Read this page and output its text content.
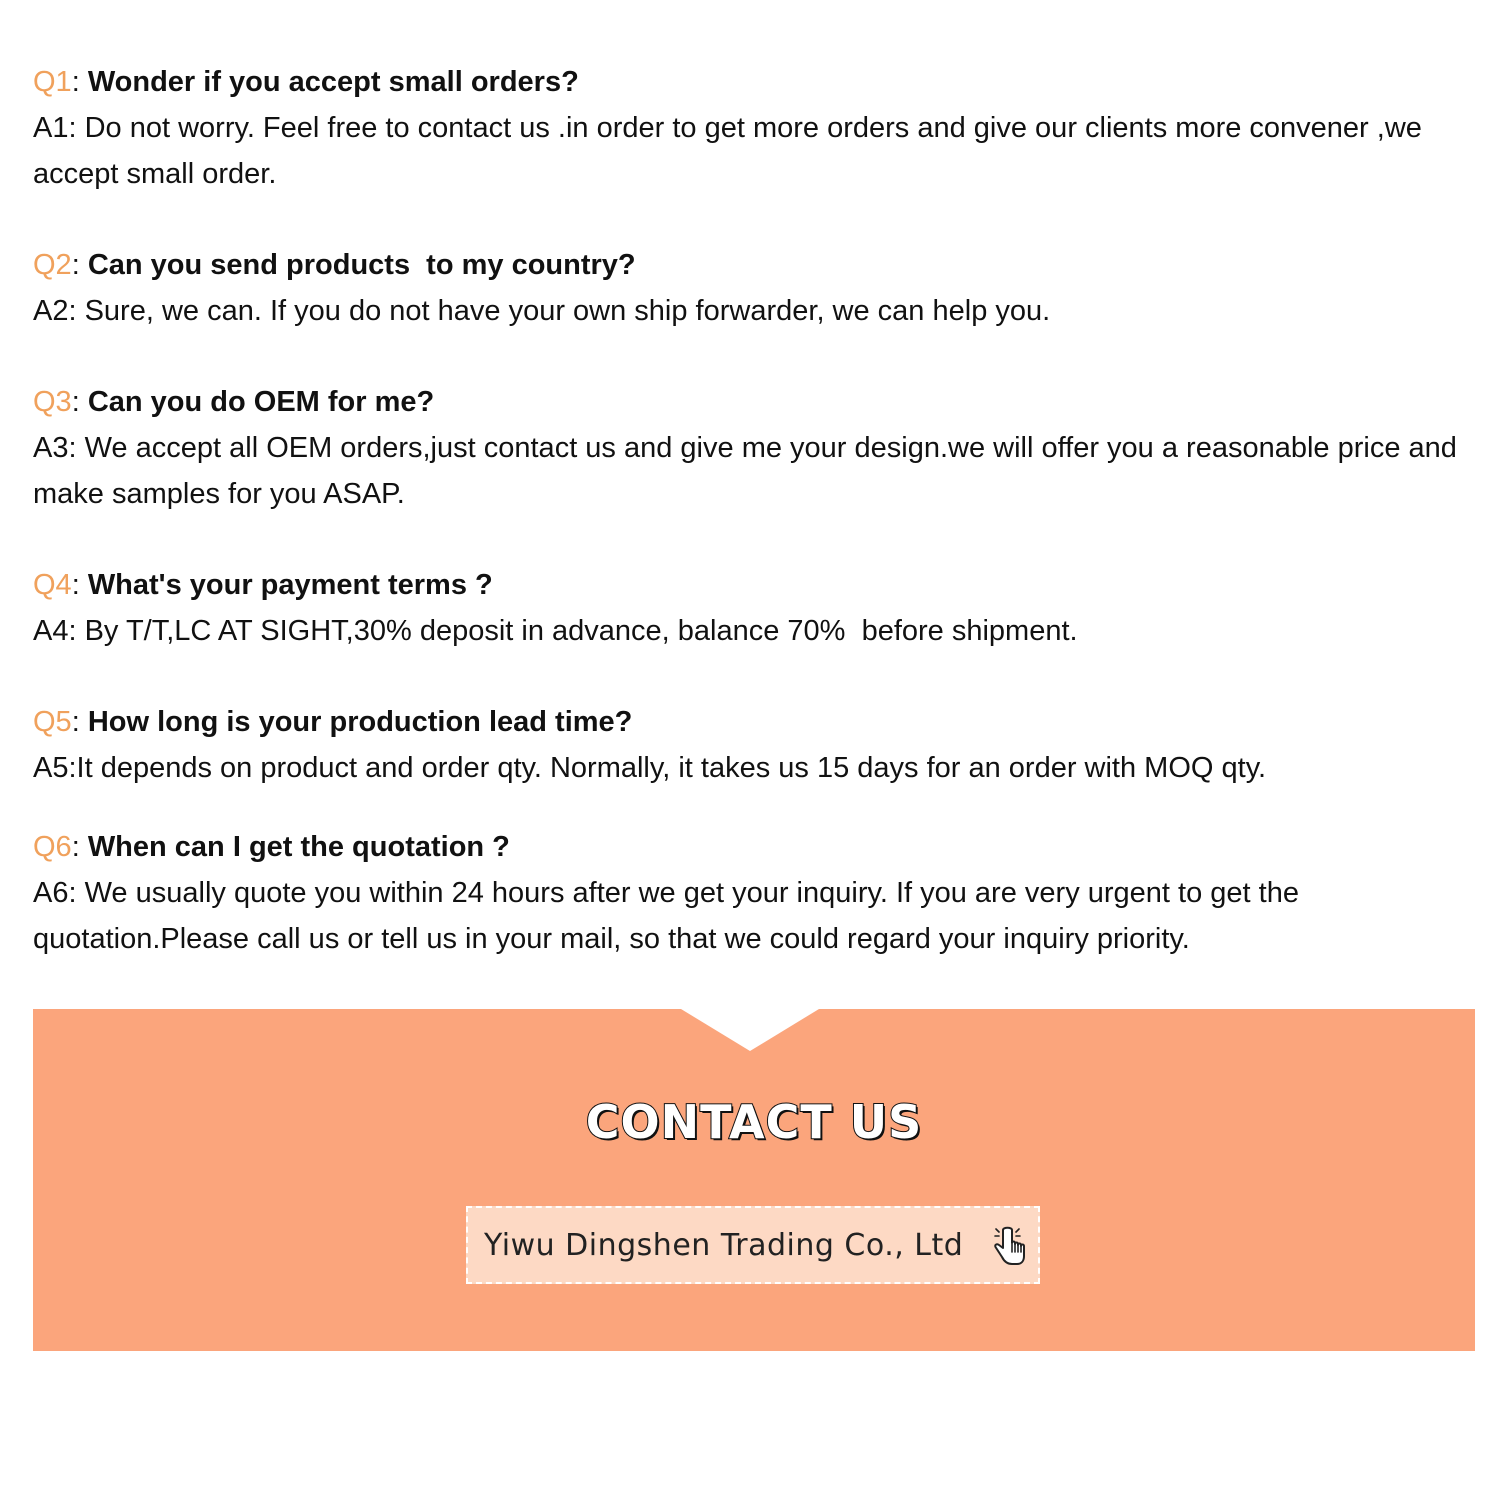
Q1: Wonder if you accept small orders?
A1: Do not worry. Feel free to contact us .in order to get more orders and give our clients more convener ,we accept small order.
Q2: Can you send products  to my country?
A2: Sure, we can. If you do not have your own ship forwarder, we can help you.
Q3: Can you do OEM for me?
A3: We accept all OEM orders,just contact us and give me your design.we will offer you a reasonable price and make samples for you ASAP.
Q4: What's your payment terms ?
A4: By T/T,LC AT SIGHT,30% deposit in advance, balance 70%  before shipment.
Q5: How long is your production lead time?
A5:It depends on product and order qty. Normally, it takes us 15 days for an order with MOQ qty.
Q6: When can I get the quotation ?
A6: We usually quote you within 24 hours after we get your inquiry. If you are very urgent to get the quotation.Please call us or tell us in your mail, so that we could regard your inquiry priority.
CONTACT US
Yiwu Dingshen Trading Co., Ltd
